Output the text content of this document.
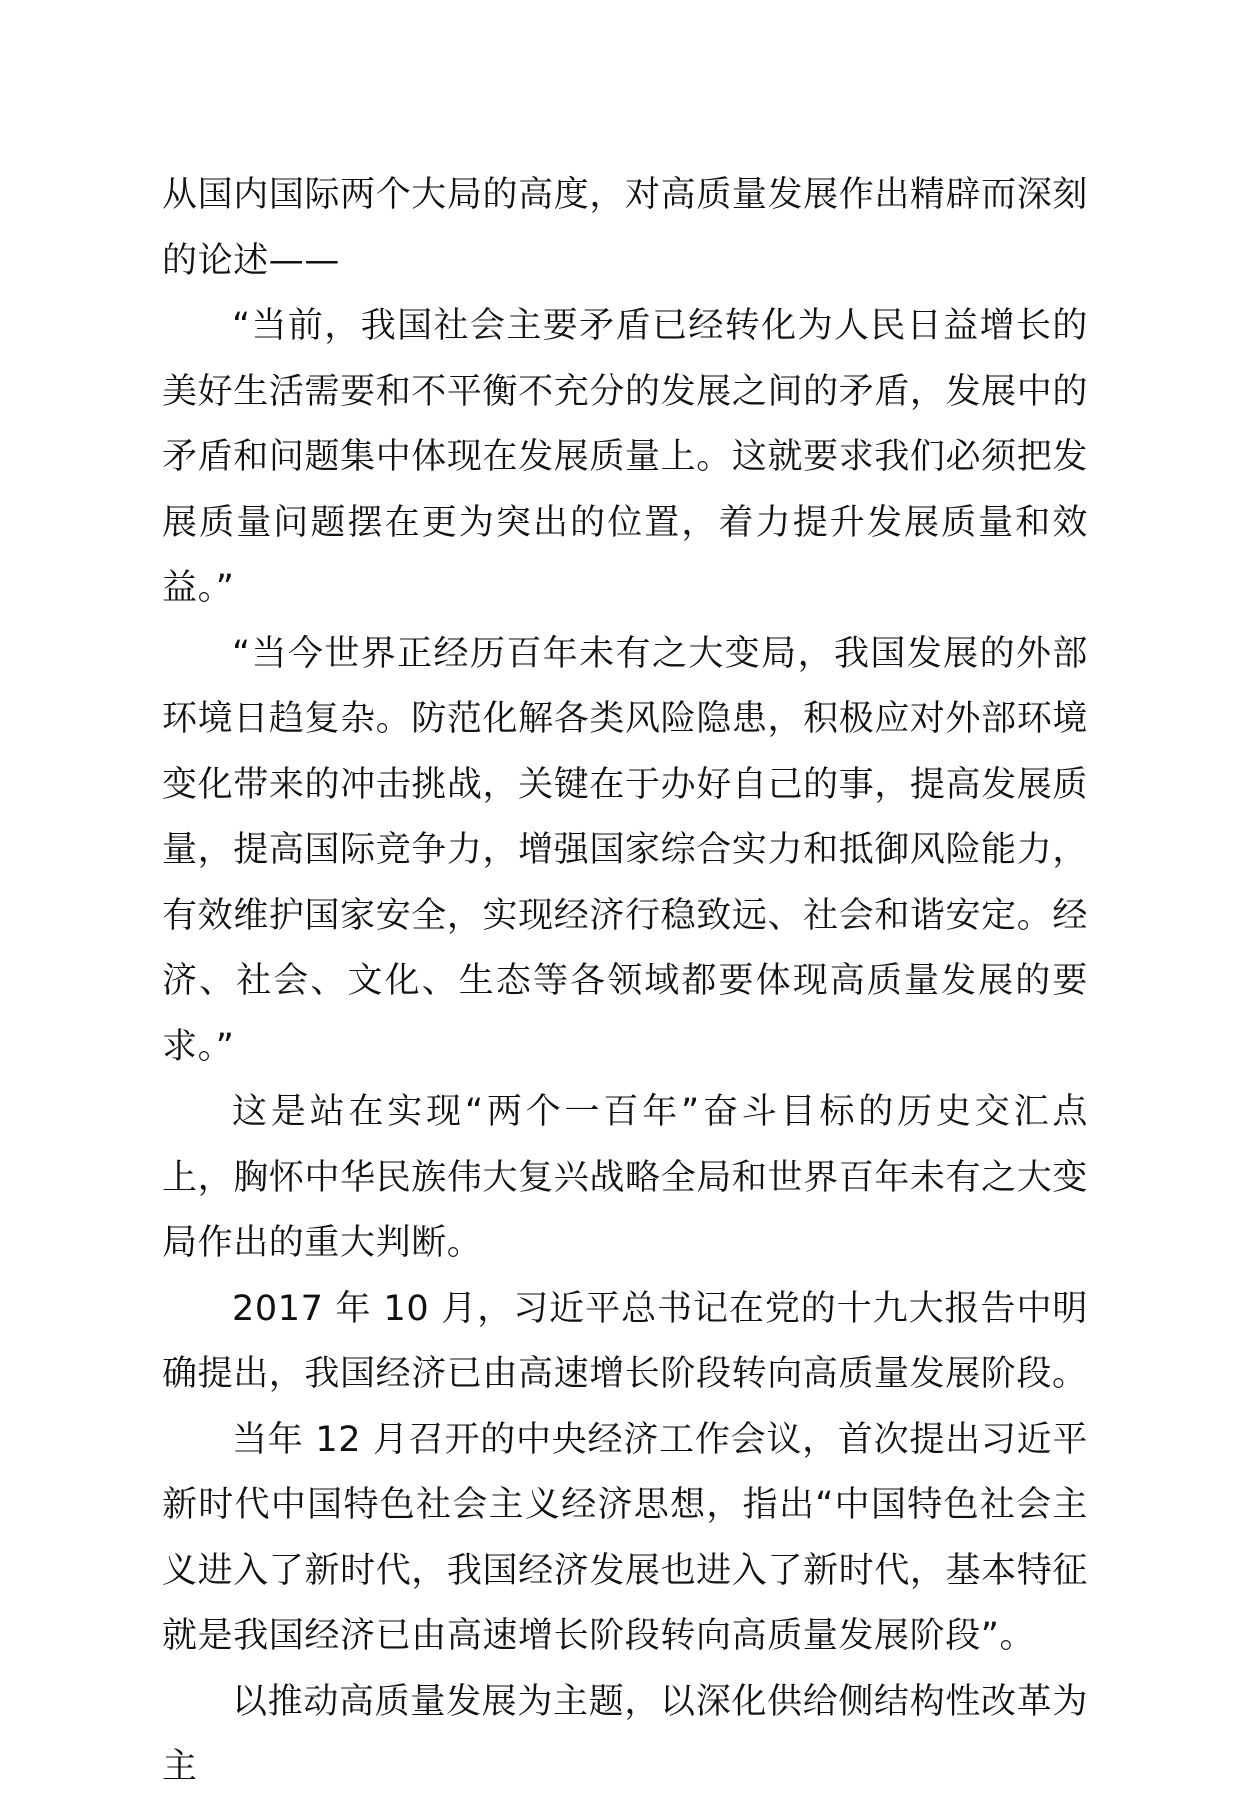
从国内国际两个大局的高度，对高质量发展作出精辟而深刻的论述——

“当前，我国社会主要矛盾已经转化为人民日益增长的美好生活需要和不平衡不充分的发展之间的矛盾，发展中的矛盾和问题集中体现在发展质量上。这就要求我们必须把发展质量问题摆在更为突出的位置，着力提升发展质量和效益。”

“当今世界正经历百年未有之大变局，我国发展的外部环境日趋复杂。防范化解各类风险隐患，积极应对外部环境变化带来的冲击挑战，关键在于办好自己的事，提高发展质量，提高国际竞争力，增强国家综合实力和抵御风险能力，有效维护国家安全，实现经济行稳致远、社会和谐安定。经济、社会、文化、生态等各领域都要体现高质量发展的要求。”

这是站在实现“两个一百年”奋斗目标的历史交汇点上，胸怀中华民族伟大复兴战略全局和世界百年未有之大变局作出的重大判断。

2017 年 10 月，习近平总书记在党的十九大报告中明确提出，我国经济已由高速增长阶段转向高质量发展阶段。

当年 12 月召开的中央经济工作会议，首次提出习近平新时代中国特色社会主义经济思想，指出“中国特色社会主义进入了新时代，我国经济发展也进入了新时代，基本特征就是我国经济已由高速增长阶段转向高质量发展阶段”。

以推动高质量发展为主题，以深化供给侧结构性改革为主
